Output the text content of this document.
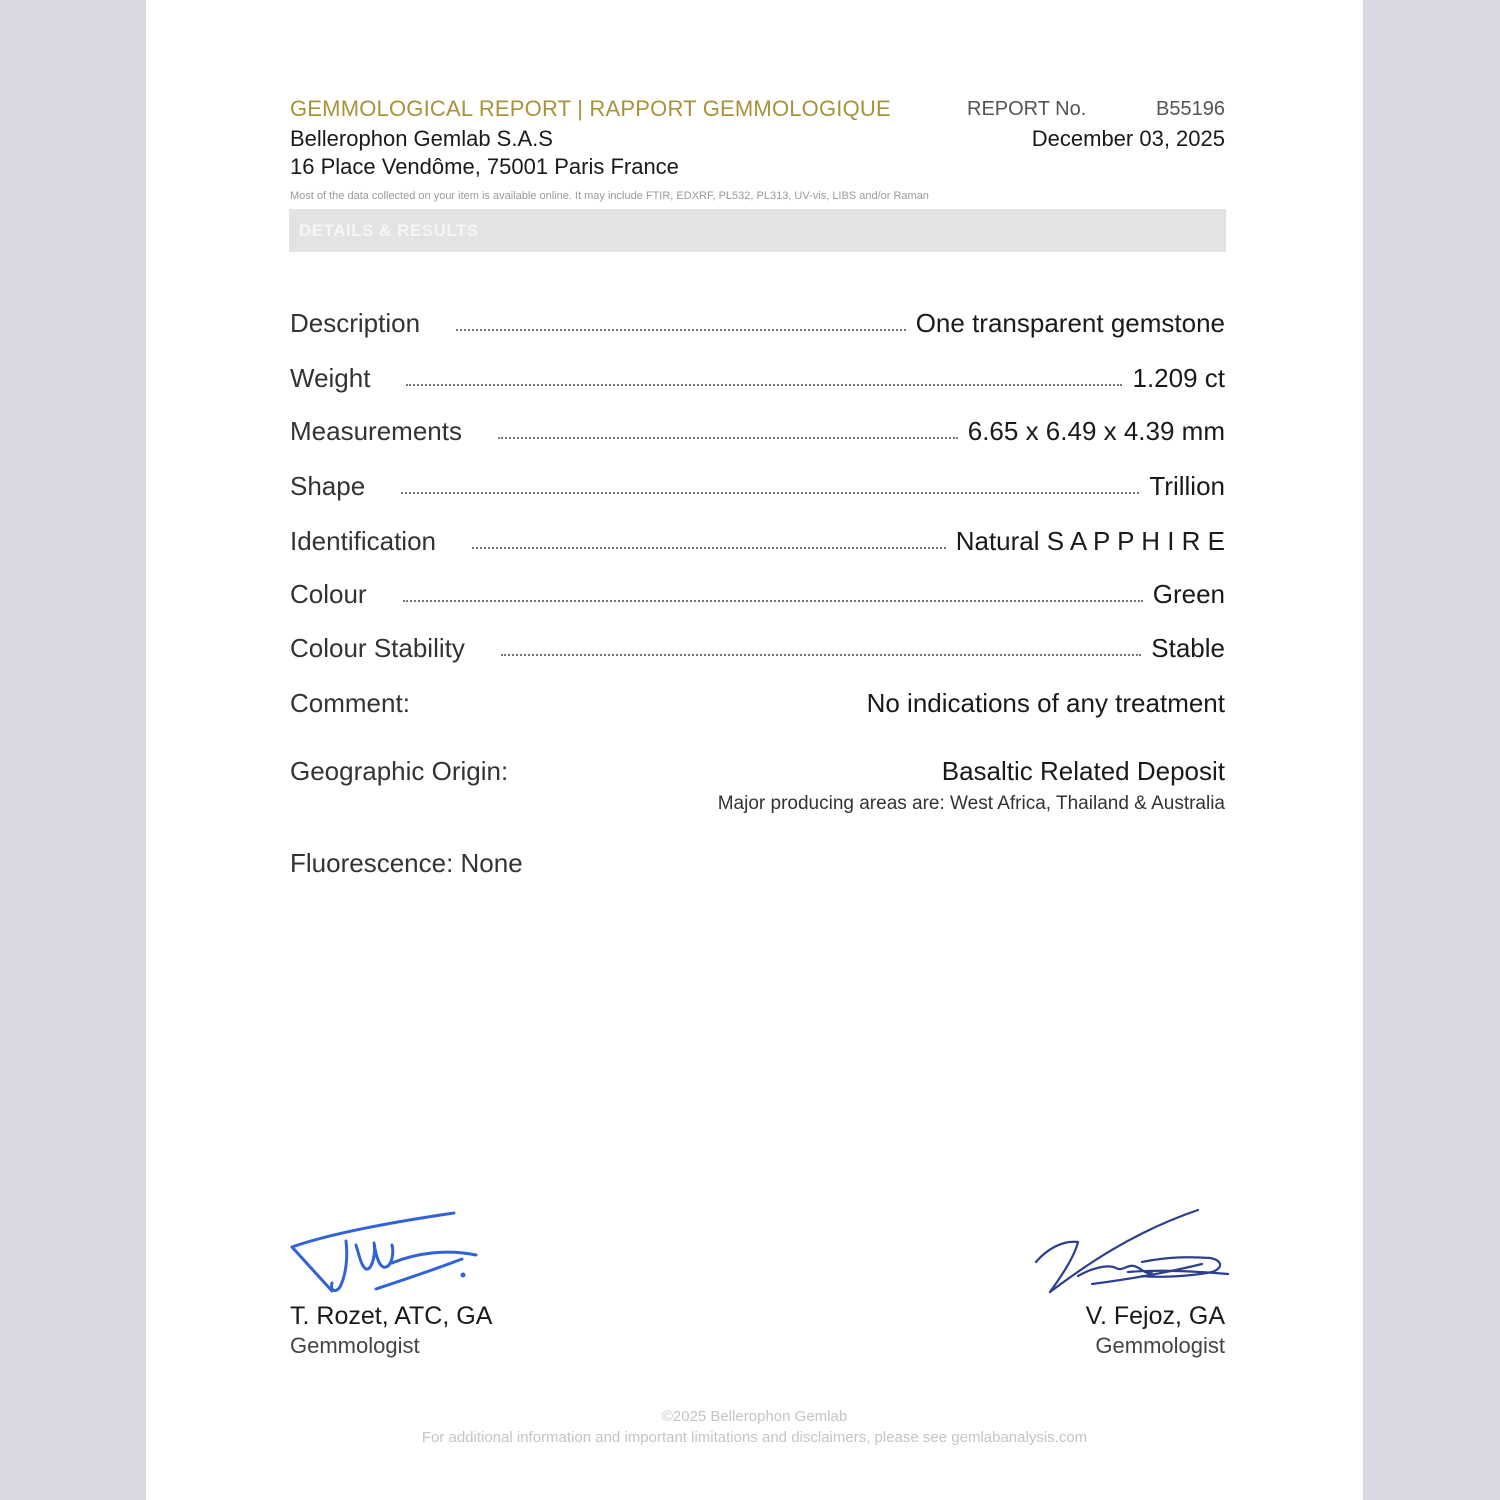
GEMMOLOGICAL REPORT | RAPPORT GEMMOLOGIQUE
Bellerophon Gemlab S.A.S
16 Place Vendôme, 75001 Paris France
REPORT No.	B55196
December 03, 2025
Most of the data collected on your item is available online. It may include FTIR, EDXRF, PL532, PL313, UV-vis, LIBS and/or Raman
DETAILS & RESULTS
Description	One transparent gemstone
Weight	1.209 ct
Measurements	6.65 x 6.49 x 4.39 mm
Shape	Trillion
Identification	Natural S A P P H I R E
Colour	Green
Colour Stability	Stable
Comment:	No indications of any treatment
Geographic Origin:	Basaltic Related Deposit
Major producing areas are: West Africa, Thailand & Australia
Fluorescence: None
T. Rozet, ATC, GA
Gemmologist
V. Fejoz, GA
Gemmologist
©2025 Bellerophon Gemlab
For additional information and important limitations and disclaimers, please see gemlabanalysis.com
